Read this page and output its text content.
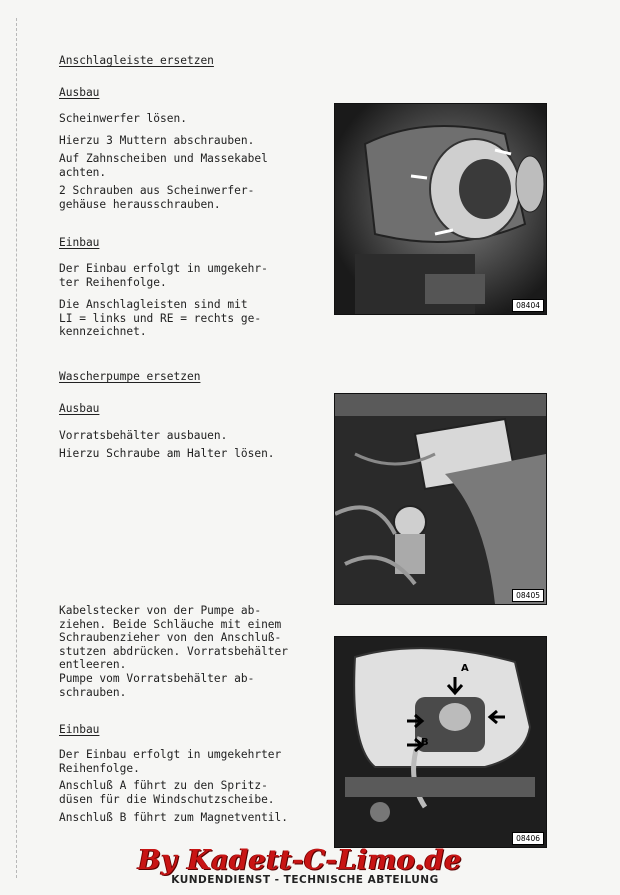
Anschlagleiste ersetzen
Ausbau
Scheinwerfer lösen.
Hierzu 3 Muttern abschrauben.
Auf Zahnscheiben und Massekabel
achten.
2 Schrauben aus Scheinwerfer-
gehäuse herausschrauben.
Einbau
Der Einbau erfolgt in umgekehr-
ter Reihenfolge.
Die Anschlagleisten sind mit
LI = links und RE = rechts ge-
kennzeichnet.
08404
Wascherpumpe ersetzen
Ausbau
Vorratsbehälter ausbauen.
Hierzu Schraube am Halter lösen.
08405
Kabelstecker von der Pumpe ab-
ziehen. Beide Schläuche mit einem
Schraubenzieher von den Anschluß-
stutzen abdrücken. Vorratsbehälter
entleeren.
Pumpe vom Vorratsbehälter ab-
schrauben.
Einbau
Der Einbau erfolgt in umgekehrter
Reihenfolge.
Anschluß A führt zu den Spritz-
düsen für die Windschutzscheibe.
Anschluß B führt zum Magnetventil.
A
B
08406
KUNDENDIENST - TECHNISCHE ABTEILUNG
By Kadett-C-Limo.de
